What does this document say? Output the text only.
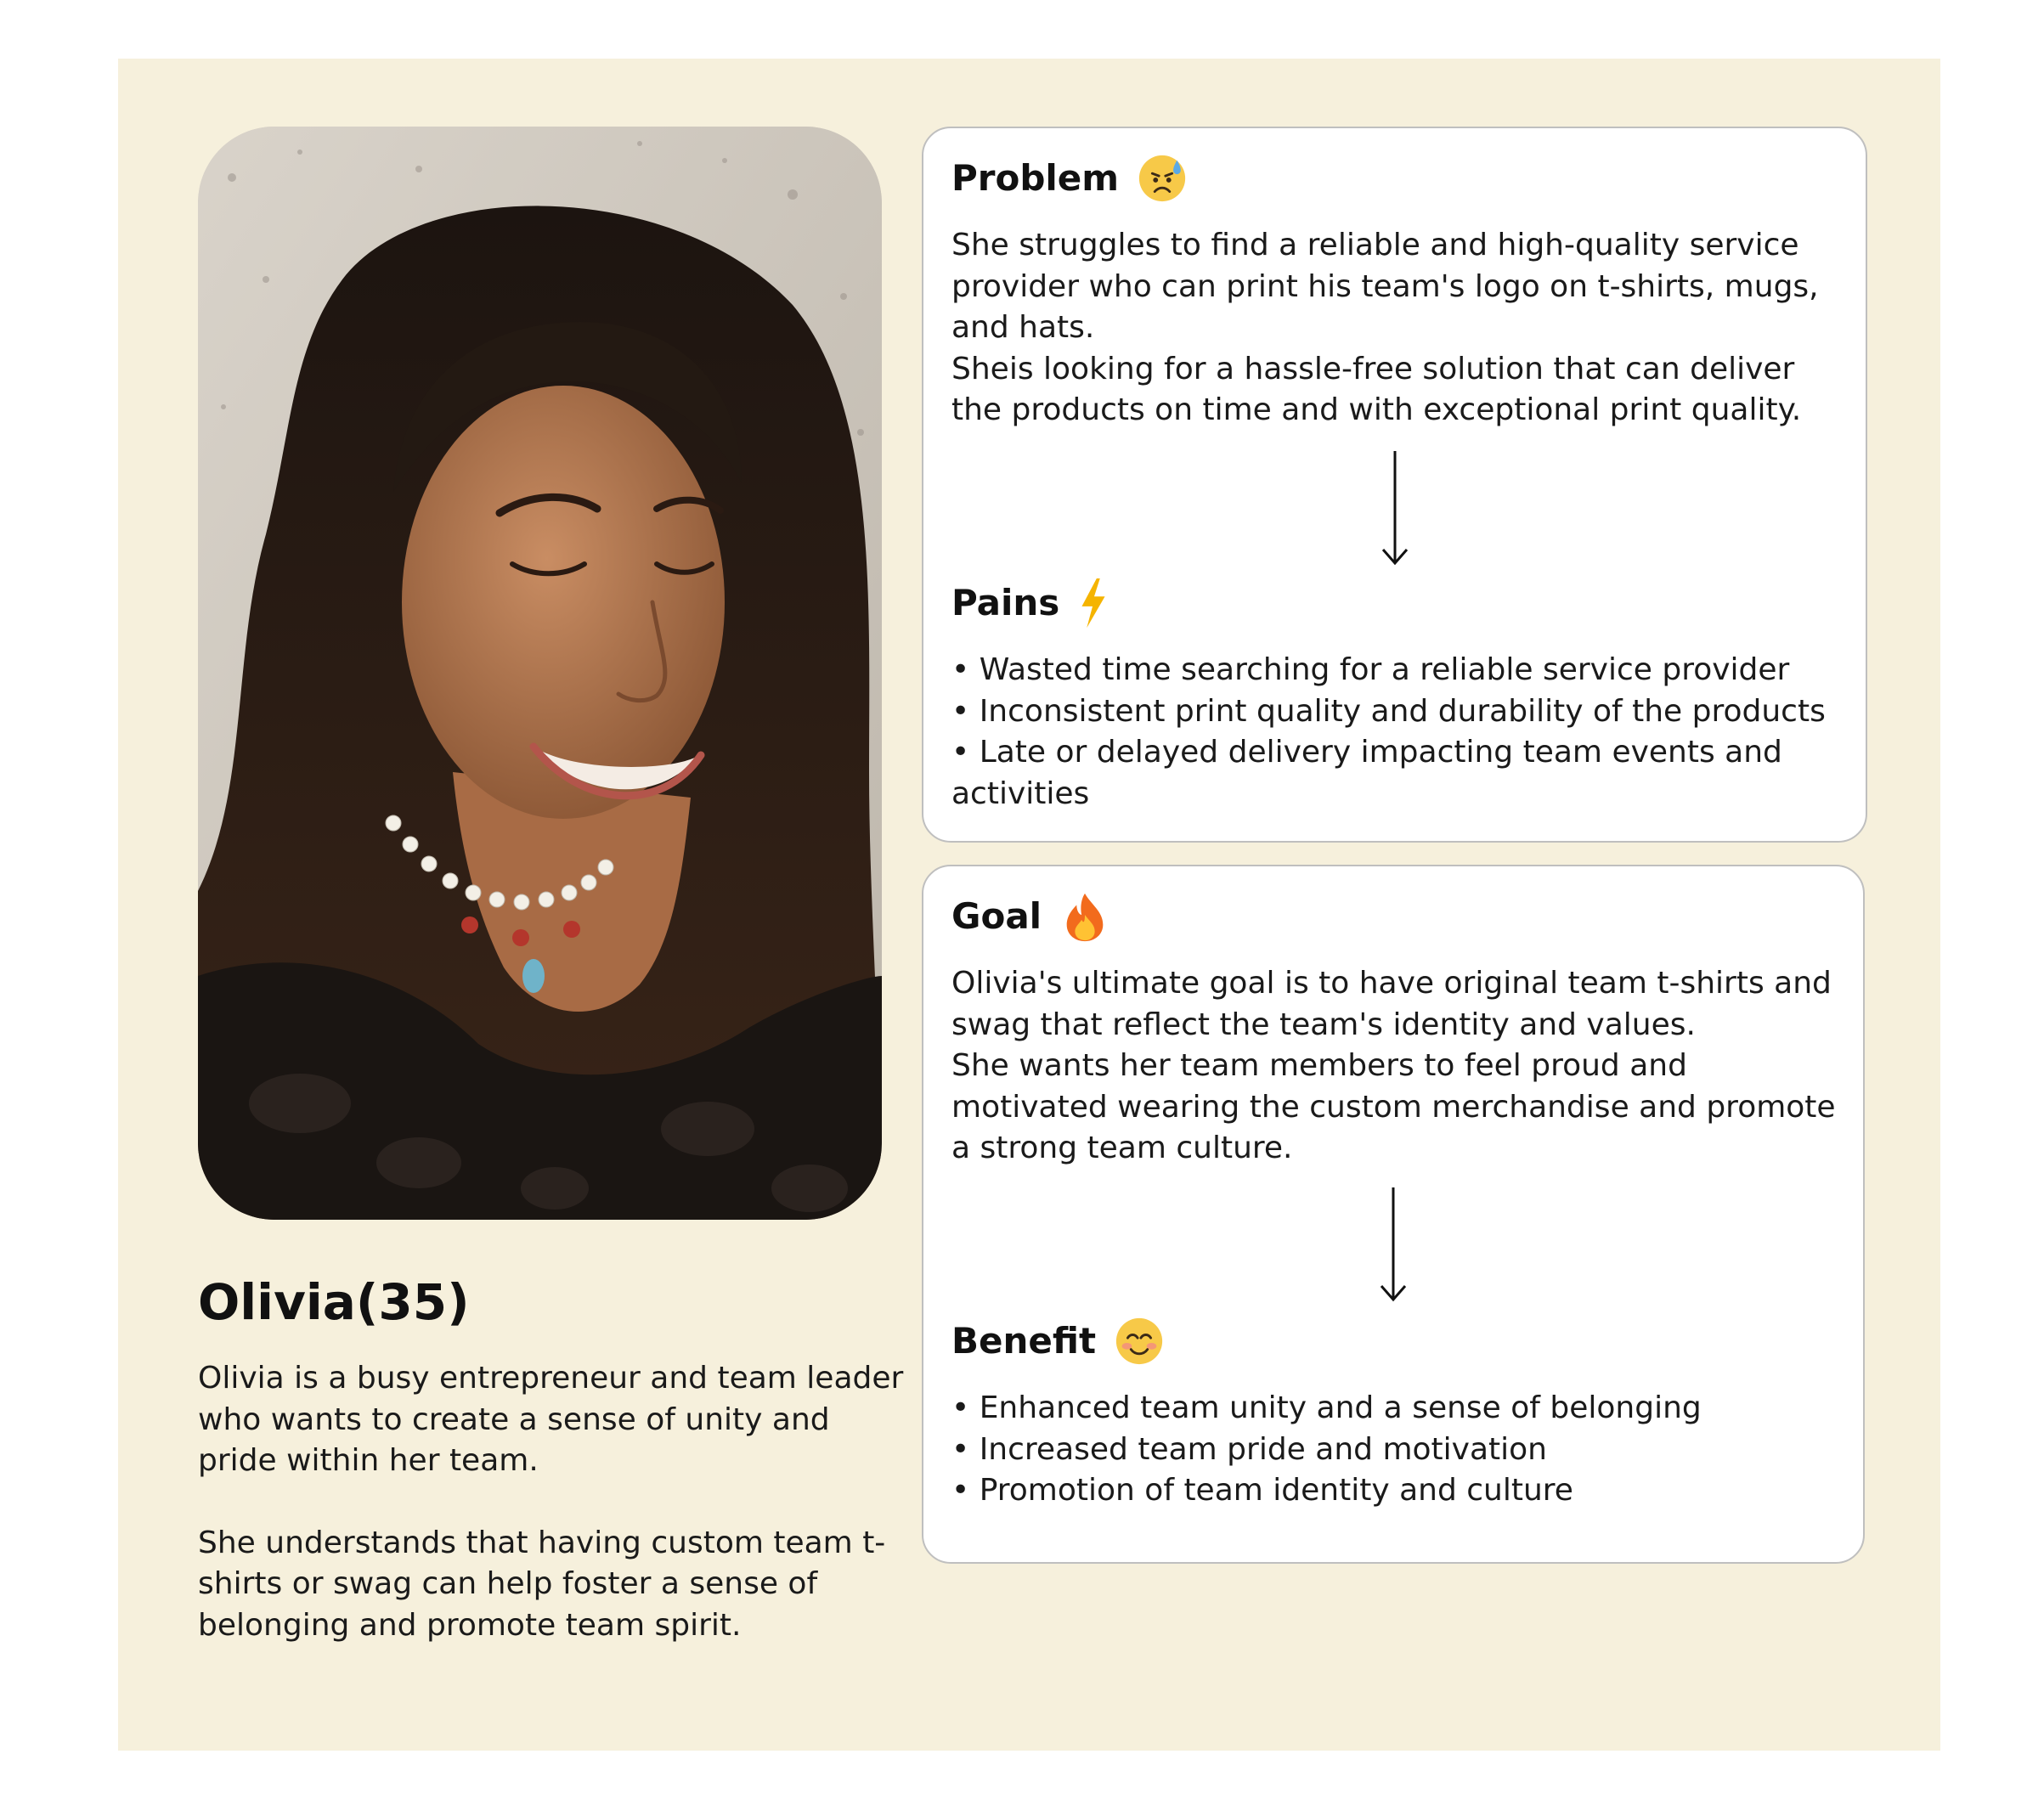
Olivia(35)

Olivia is a busy entrepreneur and team leader who wants to create a sense of unity and pride within her team.

She understands that having custom team t-shirts or swag can help foster a sense of belonging and promote team spirit.

Problem

She struggles to find a reliable and high-quality service provider who can print his team's logo on t-shirts, mugs, and hats.

Sheis looking for a hassle-free solution that can deliver the products on time and with exceptional print quality.

Pains
• Wasted time searching for a reliable service provider
• Inconsistent print quality and durability of the products
• Late or delayed delivery impacting team events and activities
Goal

Olivia's ultimate goal is to have original team t-shirts and swag that reflect the team's identity and values.

She wants her team members to feel proud and motivated wearing the custom merchandise and promote a strong team culture.

Benefit
• Enhanced team unity and a sense of belonging
• Increased team pride and motivation
• Promotion of team identity and culture
